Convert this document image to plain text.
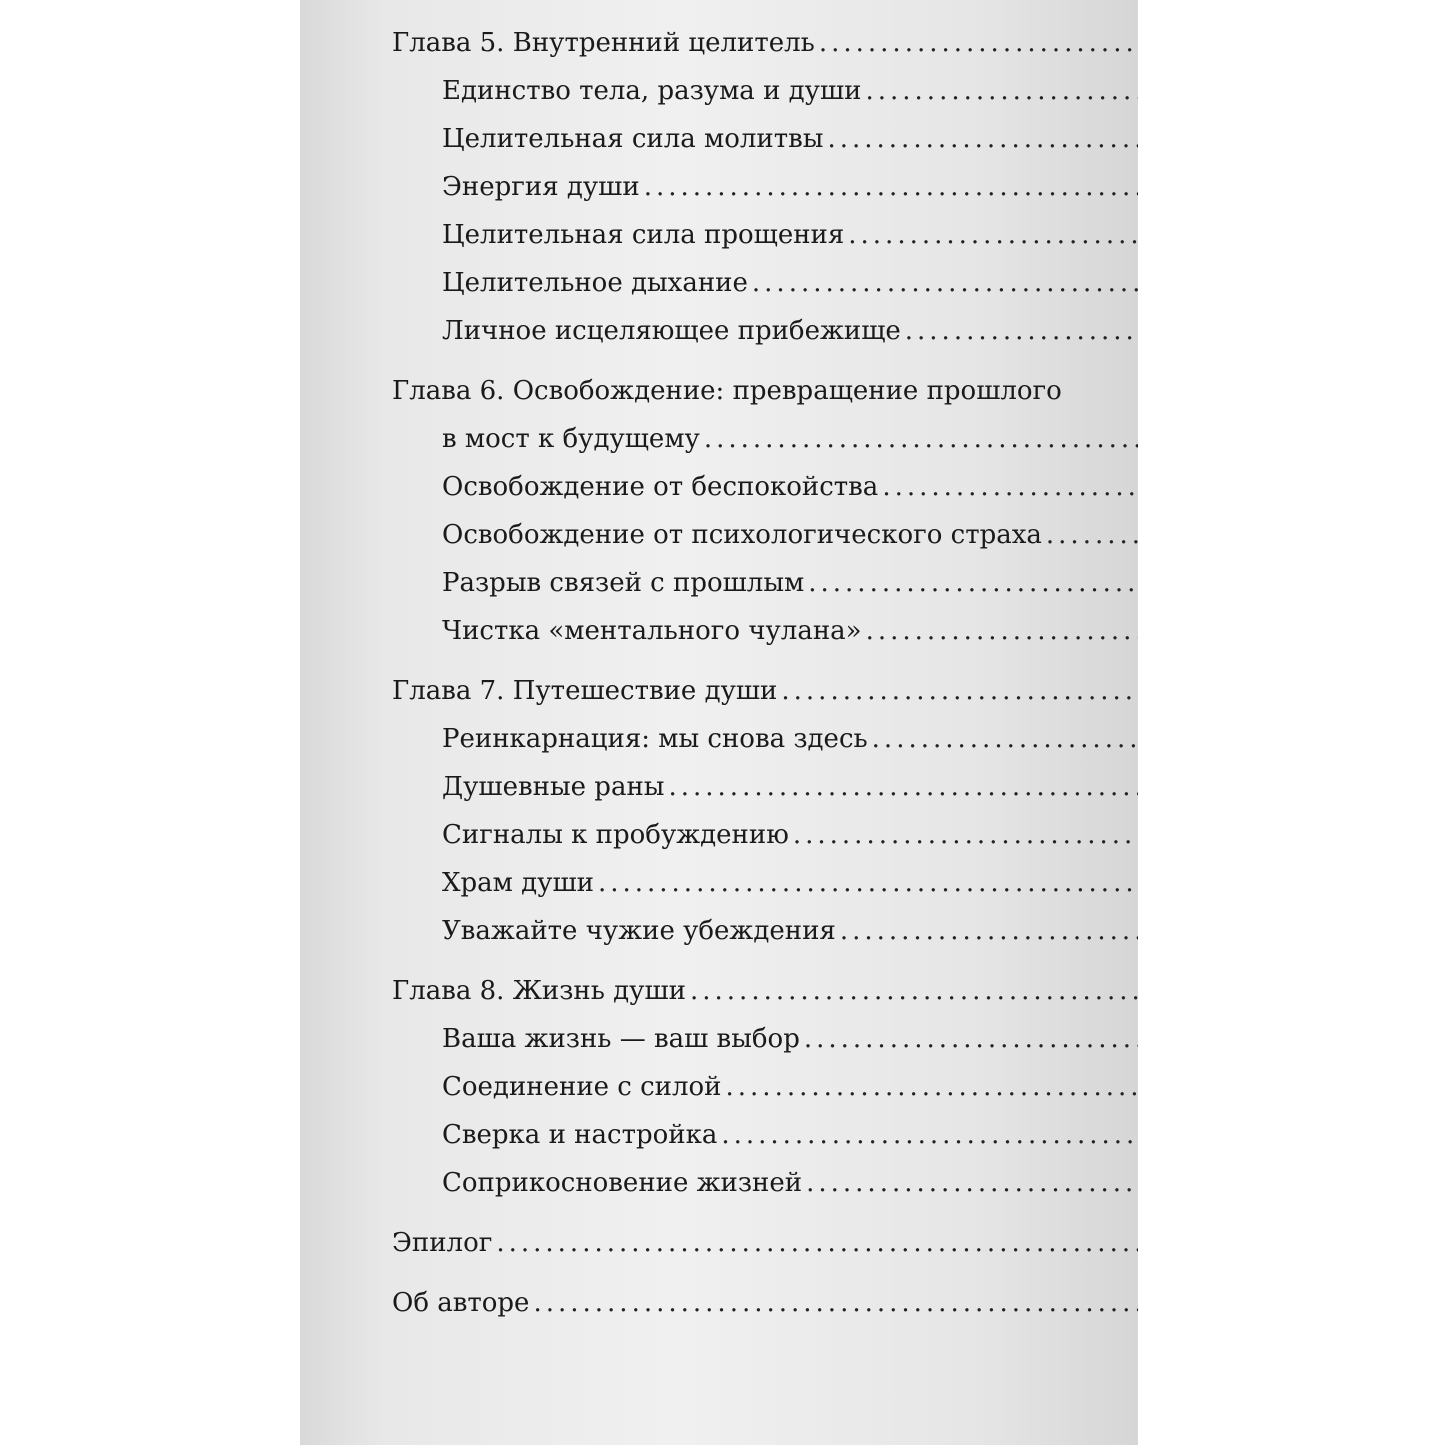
Глава 5. Внутренний целитель
.....
Единство тела, разума и души
.....
Целительная сила молитвы
.....
Энергия души
.....
Целительная сила прощения
.....
Целительное дыхание
.....
Личное исцеляющее прибежище
.....
Глава 6. Освобождение: превращение прошлого
в мост к будущему
.....
Освобождение от беспокойства
.....
Освобождение от психологического страха
.....
Разрыв связей с прошлым
.....
Чистка «ментального чулана»
.....
Глава 7. Путешествие души
.....
Реинкарнация: мы снова здесь
.....
Душевные раны
.....
Сигналы к пробуждению
.....
Храм души
.....
Уважайте чужие убеждения
.....
Глава 8. Жизнь души
.....
Ваша жизнь — ваш выбор
.....
Соединение с силой
.....
Сверка и настройка
.....
Соприкосновение жизней
.....
Эпилог
.....
Об авторе
.....
